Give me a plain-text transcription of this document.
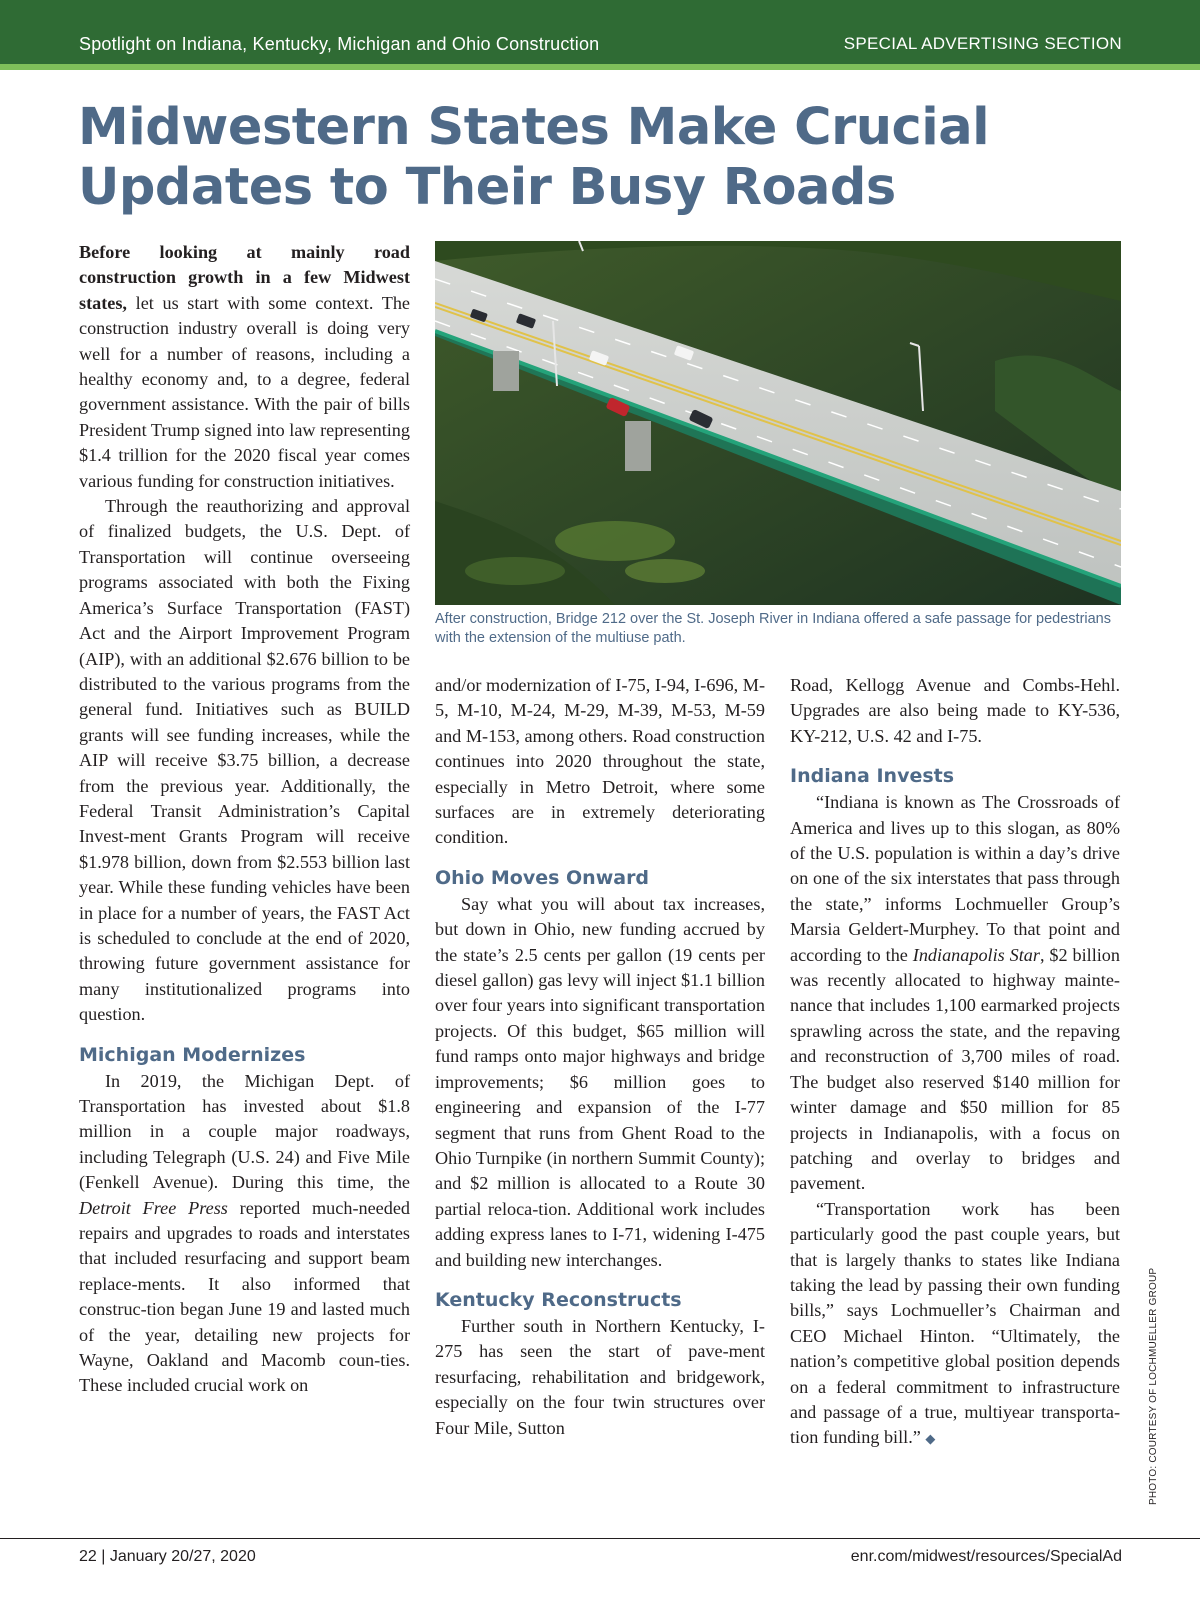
Spotlight on Indiana, Kentucky, Michigan and Ohio Construction	SPECIAL ADVERTISING SECTION
Midwestern States Make Crucial
Updates to Their Busy Roads

Before looking at mainly road construction growth in a few Midwest states, let us start with some context. The construction industry overall is doing very well for a number of reasons, including a healthy economy and, to a degree, federal government assistance. With the pair of bills President Trump signed into law representing $1.4 trillion for the 2020 fiscal year comes various funding for construction initiatives.

Through the reauthorizing and approval of finalized budgets, the U.S. Dept. of Transportation will continue overseeing programs associated with both the Fixing America’s Surface Transportation (FAST) Act and the Airport Improvement Program (AIP), with an additional $2.676 billion to be distributed to the various programs from the general fund. Initiatives such as BUILD grants will see funding increases, while the AIP will receive $3.75 billion, a decrease from the previous year. Additionally, the Federal Transit Administration’s Capital Invest-ment Grants Program will receive $1.978 billion, down from $2.553 billion last year. While these funding vehicles have been in place for a number of years, the FAST Act is scheduled to conclude at the end of 2020, throwing future government assistance for many institutionalized programs into question.

Michigan Modernizes

In 2019, the Michigan Dept. of Transportation has invested about $1.8 million in a couple major roadways, including Telegraph (U.S. 24) and Five Mile (Fenkell Avenue). During this time, the Detroit Free Press reported much-needed repairs and upgrades to roads and interstates that included resurfacing and support beam replace-ments. It also informed that construc-tion began June 19 and lasted much of the year, detailing new projects for Wayne, Oakland and Macomb coun-ties. These included crucial work on

After construction, Bridge 212 over the St. Joseph River in Indiana offered a safe passage for pedestrians with the extension of the multiuse path.

and/or modernization of I-75, I-94, I-696, M-5, M-10, M-24, M-29, M-39, M-53, M-59 and M-153, among others. Road construction continues into 2020 throughout the state, especially in Metro Detroit, where some surfaces are in extremely deteriorating condition.

Ohio Moves Onward

Say what you will about tax increases, but down in Ohio, new funding accrued by the state’s 2.5 cents per gallon (19 cents per diesel gallon) gas levy will inject $1.1 billion over four years into significant transportation projects. Of this budget, $65 million will fund ramps onto major highways and bridge improvements; $6 million goes to engineering and expansion of the I-77 segment that runs from Ghent Road to the Ohio Turnpike (in northern Summit County); and $2 million is allocated to a Route 30 partial reloca-tion. Additional work includes adding express lanes to I-71, widening I-475 and building new interchanges.

Kentucky Reconstructs

Further south in Northern Kentucky, I-275 has seen the start of pave-ment resurfacing, rehabilitation and bridgework, especially on the four twin structures over Four Mile, Sutton

Road, Kellogg Avenue and Combs-Hehl. Upgrades are also being made to KY-536, KY-212, U.S. 42 and I-75.

Indiana Invests

“Indiana is known as The Crossroads of America and lives up to this slogan, as 80% of the U.S. population is within a day’s drive on one of the six interstates that pass through the state,” informs Lochmueller Group’s Marsia Geldert-Murphey. To that point and according to the Indianapolis Star, $2 billion was recently allocated to highway mainte-nance that includes 1,100 earmarked projects sprawling across the state, and the repaving and reconstruction of 3,700 miles of road. The budget also reserved $140 million for winter damage and $50 million for 85 projects in Indianapolis, with a focus on patching and overlay to bridges and pavement.

“Transportation work has been particularly good the past couple years, but that is largely thanks to states like Indiana taking the lead by passing their own funding bills,” says Lochmueller’s Chairman and CEO Michael Hinton. “Ultimately, the nation’s competitive global position depends on a federal commitment to infrastructure and passage of a true, multiyear transporta-tion funding bill.” ◆	PHOTO: COURTESY OF LOCHMUELLER GROUP
22 | January 20/27, 2020	enr.com/midwest/resources/SpecialAd
